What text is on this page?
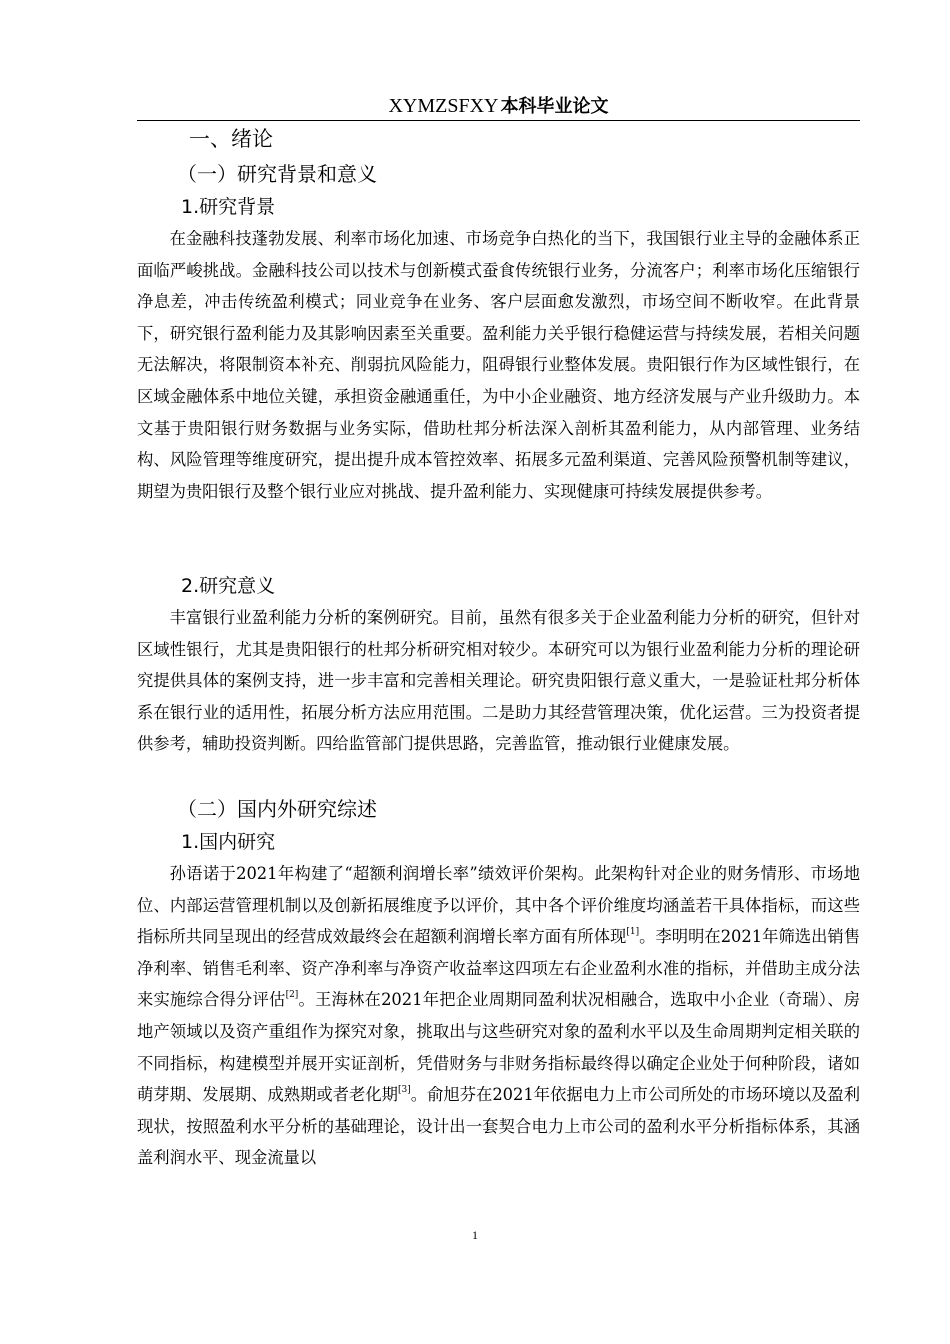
XYMZSFXY 本科毕业论文
一、绪论
（一）研究背景和意义
1.研究背景

在金融科技蓬勃发展、利率市场化加速、市场竞争白热化的当下，我国银行业主导的金融体系正面临严峻挑战。金融科技公司以技术与创新模式蚕食传统银行业务，分流客户；利率市场化压缩银行净息差，冲击传统盈利模式；同业竞争在业务、客户层面愈发激烈，市场空间不断收窄。在此背景下，研究银行盈利能力及其影响因素至关重要。盈利能力关乎银行稳健运营与持续发展，若相关问题无法解决，将限制资本补充、削弱抗风险能力，阻碍银行业整体发展。贵阳银行作为区域性银行，在区域金融体系中地位关键，承担资金融通重任，为中小企业融资、地方经济发展与产业升级助力。本文基于贵阳银行财务数据与业务实际，借助杜邦分析法深入剖析其盈利能力，从内部管理、业务结构、风险管理等维度研究，提出提升成本管控效率、拓展多元盈利渠道、完善风险预警机制等建议，期望为贵阳银行及整个银行业应对挑战、提升盈利能力、实现健康可持续发展提供参考。

2.研究意义

丰富银行业盈利能力分析的案例研究。目前，虽然有很多关于企业盈利能力分析的研究，但针对区域性银行，尤其是贵阳银行的杜邦分析研究相对较少。本研究可以为银行业盈利能力分析的理论研究提供具体的案例支持，进一步丰富和完善相关理论。研究贵阳银行意义重大，一是验证杜邦分析体系在银行业的适用性，拓展分析方法应用范围。二是助力其经营管理决策，优化运营。三为投资者提供参考，辅助投资判断。四给监管部门提供思路，完善监管，推动银行业健康发展。

（二）国内外研究综述
1.国内研究

孙语诺于2021年构建了“超额利润增长率”绩效评价架构。此架构针对企业的财务情形、市场地位、内部运营管理机制以及创新拓展维度予以评价，其中各个评价维度均涵盖若干具体指标，而这些指标所共同呈现出的经营成效最终会在超额利润增长率方面有所体现[1]。李明明在2021年筛选出销售净利率、销售毛利率、资产净利率与净资产收益率这四项左右企业盈利水准的指标，并借助主成分法来实施综合得分评估[2]。王海林在2021年把企业周期同盈利状况相融合，选取中小企业（奇瑞）、房地产领域以及资产重组作为探究对象，挑取出与这些研究对象的盈利水平以及生命周期判定相关联的不同指标，构建模型并展开实证剖析，凭借财务与非财务指标最终得以确定企业处于何种阶段，诸如萌芽期、发展期、成熟期或者老化期[3]。俞旭芬在2021年依据电力上市公司所处的市场环境以及盈利现状，按照盈利水平分析的基础理论，设计出一套契合电力上市公司的盈利水平分析指标体系，其涵盖利润水平、现金流量以

1
